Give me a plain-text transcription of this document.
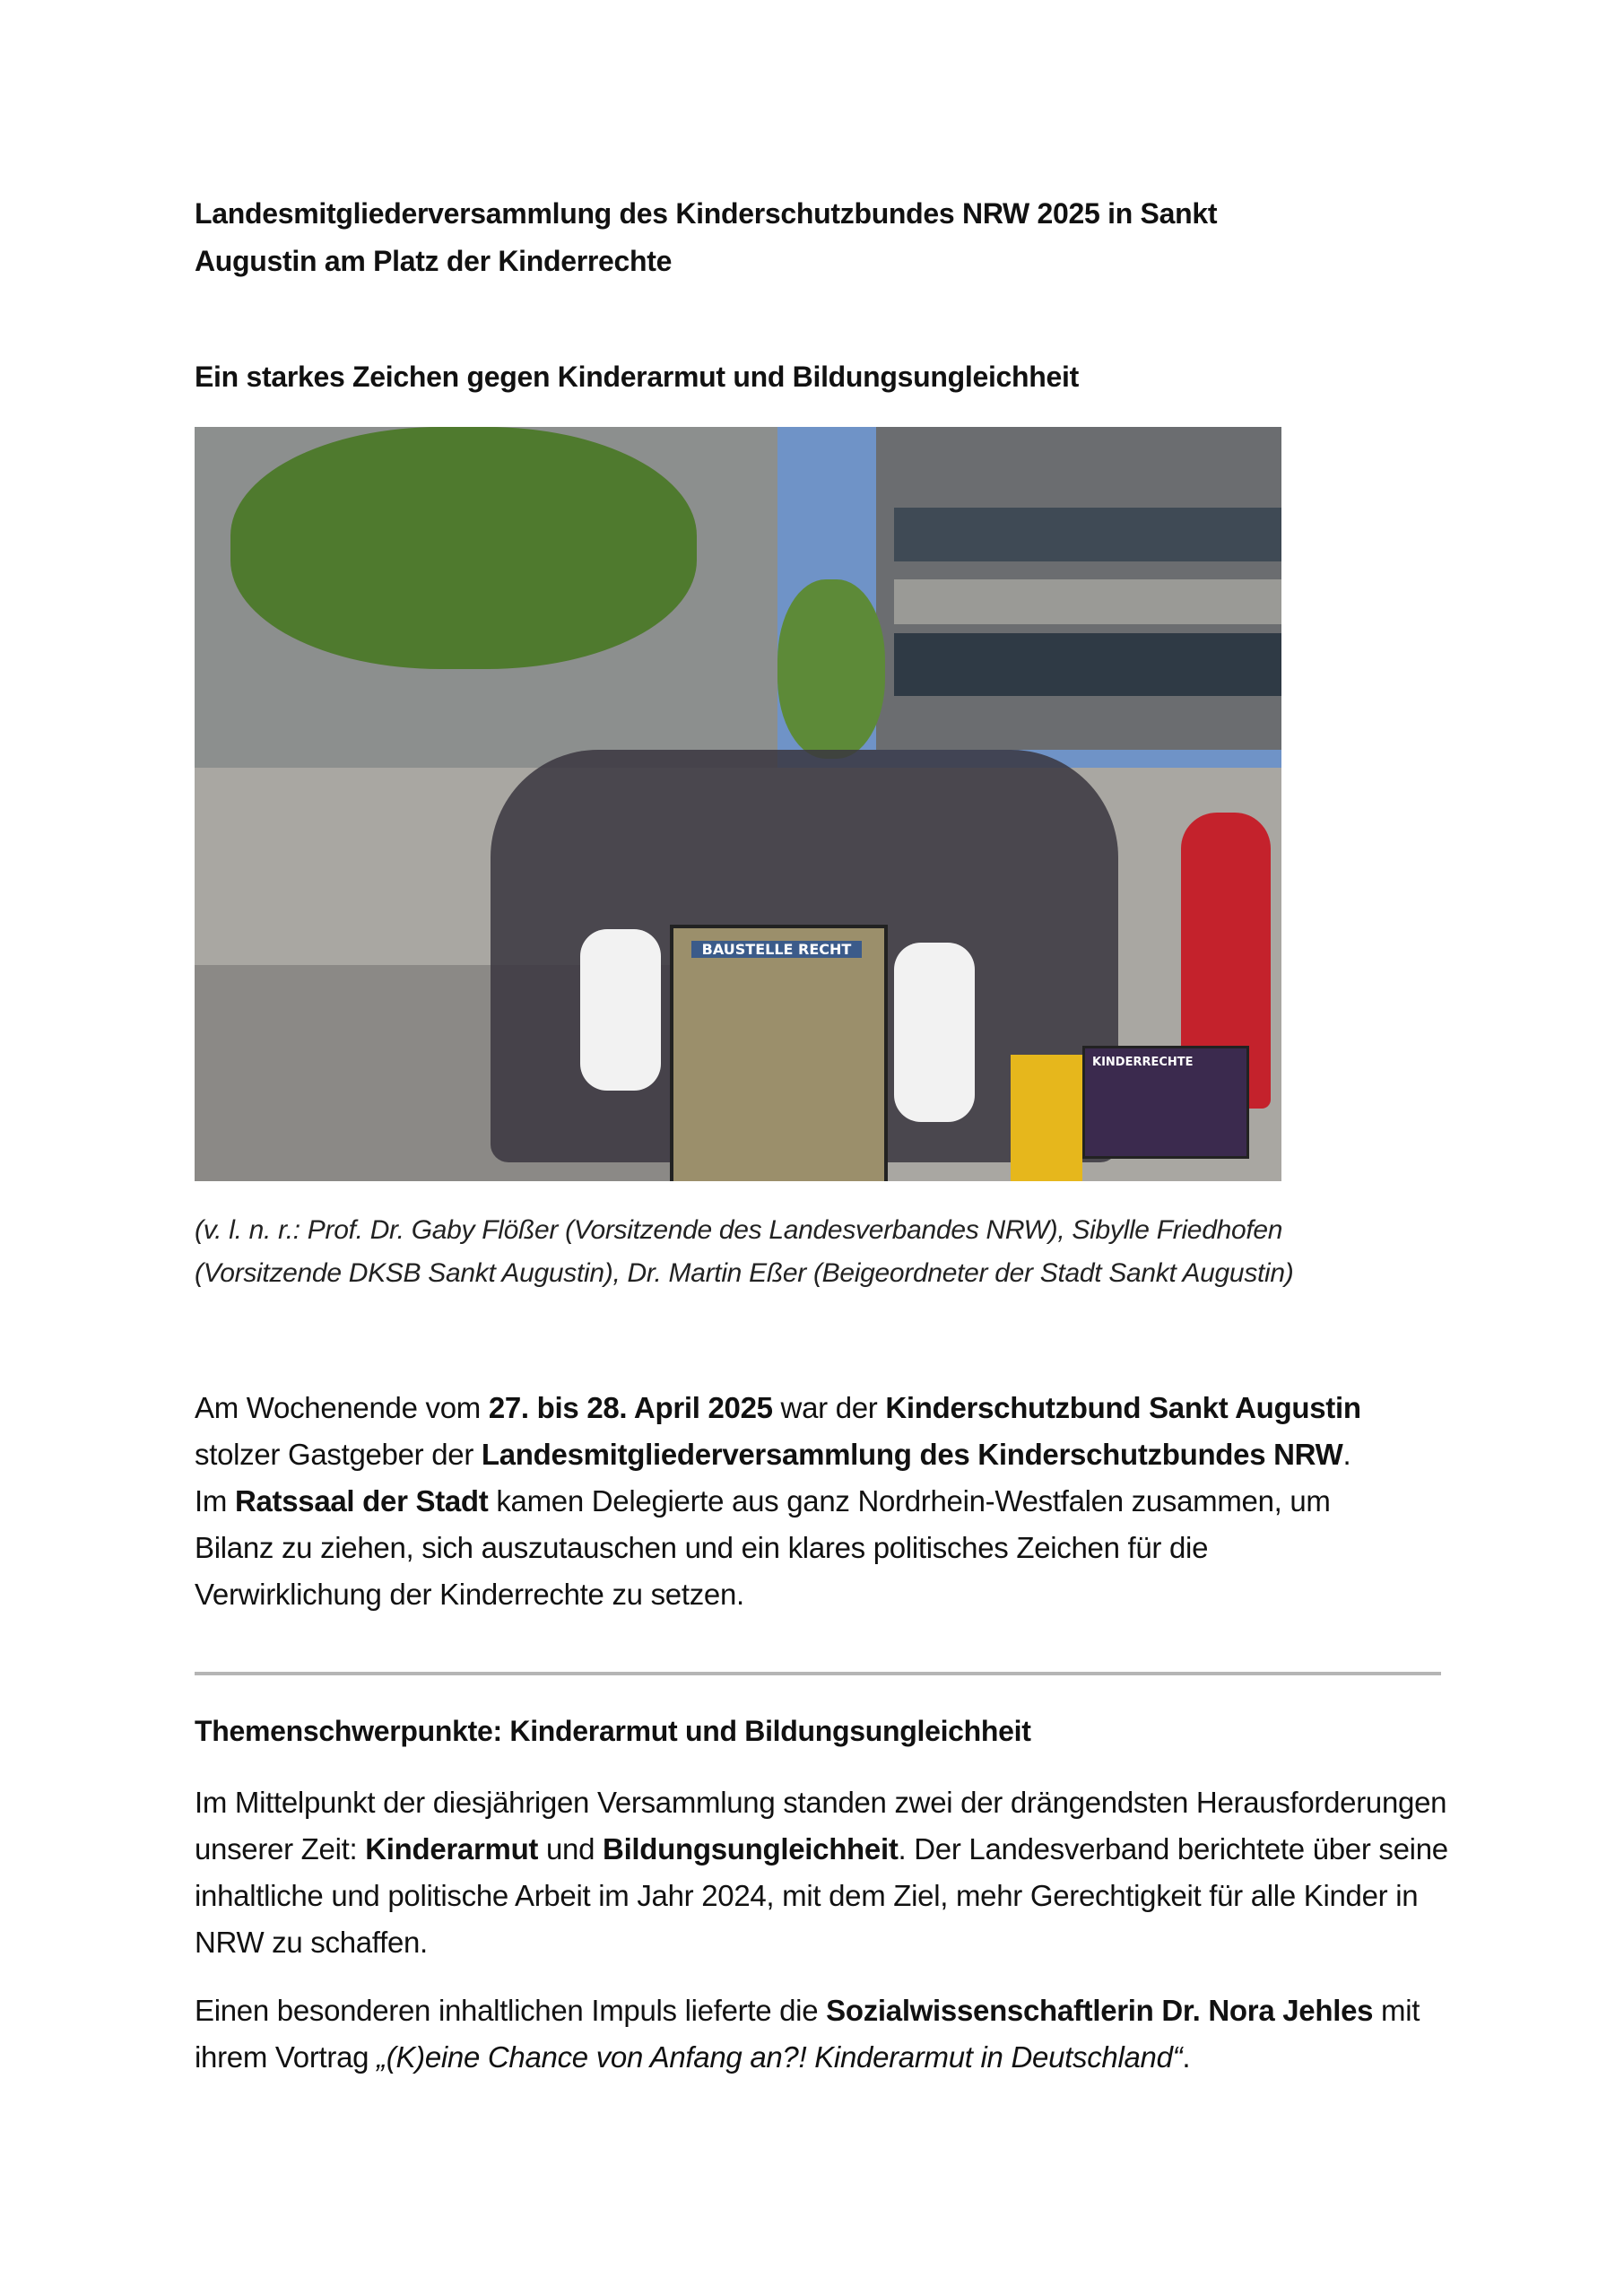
Landesmitgliederversammlung des Kinderschutzbundes NRW 2025 in Sankt
Augustin am Platz der Kinderrechte
Ein starkes Zeichen gegen Kinderarmut und Bildungsungleichheit
BAUSTELLE RECHT
KINDERRECHTE
(v. l. n. r.: Prof. Dr. Gaby Flößer (Vorsitzende des Landesverbandes NRW), Sibylle Friedhofen
(Vorsitzende DKSB Sankt Augustin), Dr. Martin Eßer (Beigeordneter der Stadt Sankt Augustin)
Am Wochenende vom 27. bis 28. April 2025 war der Kinderschutzbund Sankt Augustin stolzer Gastgeber der Landesmitgliederversammlung des Kinderschutzbundes NRW. Im Ratssaal der Stadt kamen Delegierte aus ganz Nordrhein-Westfalen zusammen, um Bilanz zu ziehen, sich auszutauschen und ein klares politisches Zeichen für die Verwirklichung der Kinderrechte zu setzen.
Themenschwerpunkte: Kinderarmut und Bildungsungleichheit
Im Mittelpunkt der diesjährigen Versammlung standen zwei der drängendsten Herausforderungen unserer Zeit: Kinderarmut und Bildungsungleichheit. Der Landesverband berichtete über seine inhaltliche und politische Arbeit im Jahr 2024, mit dem Ziel, mehr Gerechtigkeit für alle Kinder in NRW zu schaffen.
Einen besonderen inhaltlichen Impuls lieferte die Sozialwissenschaftlerin Dr. Nora Jehles mit ihrem Vortrag „(K)eine Chance von Anfang an?! Kinderarmut in Deutschland“.
